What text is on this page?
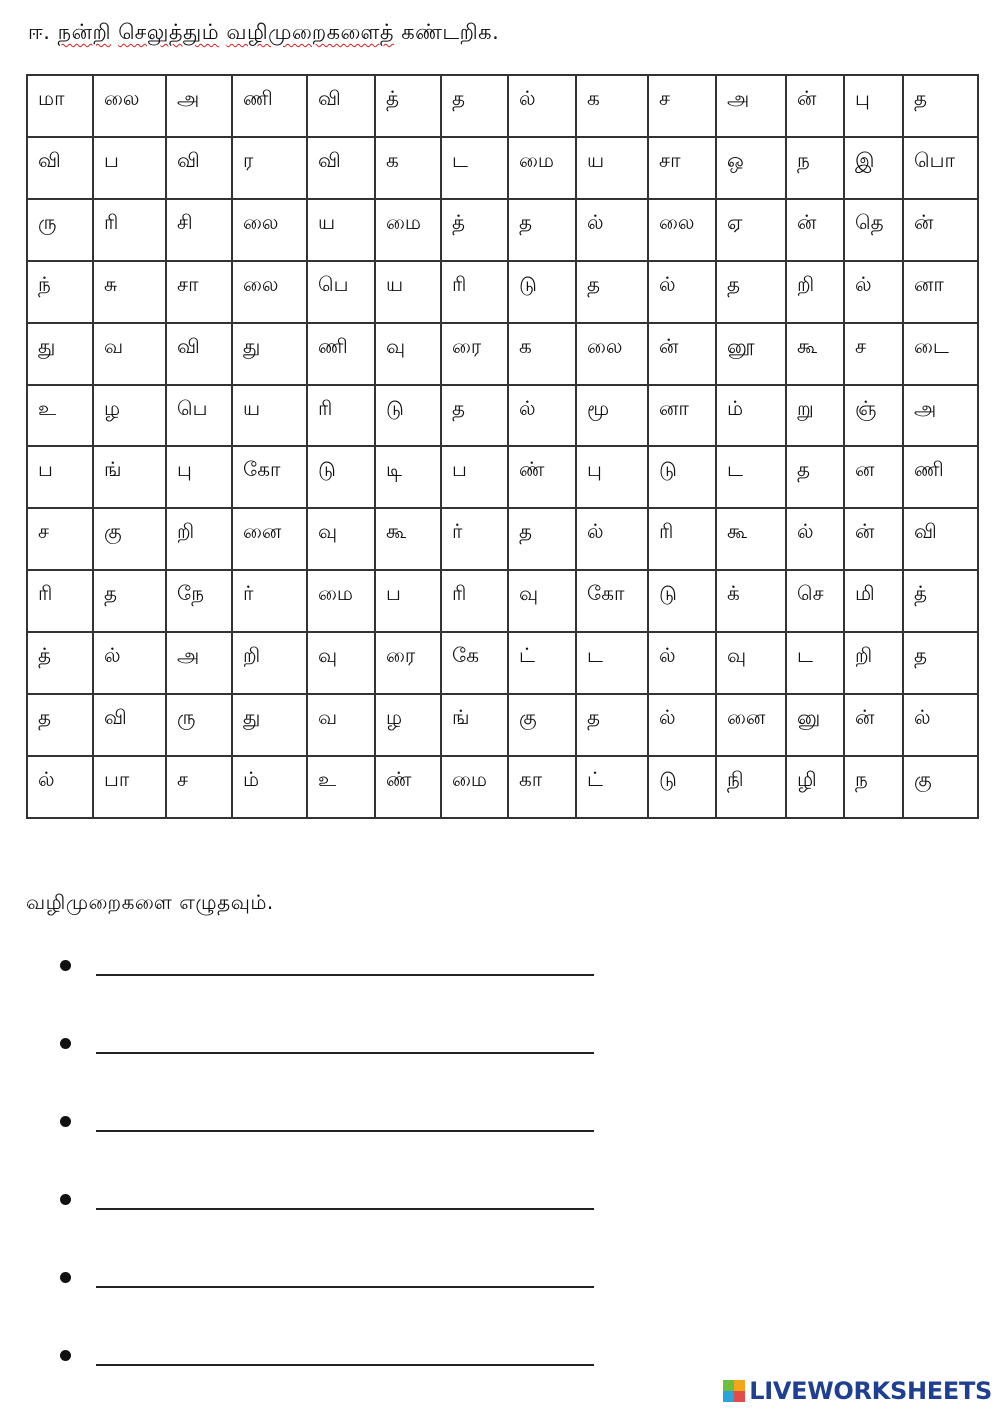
ஈ. நன்றி செலுத்தும் வழிமுறைகளைத் கண்டறிக.
மா	லை	அ	ணி	வி	த்	த	ல்	க	ச	அ	ன்	பு	த
வி	ப	வி	ர	வி	க	ட	மை	ய	சா	ஒ	ந	இ	பொ
ரு	ரி	சி	லை	ய	மை	த்	த	ல்	லை	ஏ	ன்	தெ	ன்
ந்	சு	சா	லை	பெ	ய	ரி	டு	த	ல்	த	றி	ல்	னா
து	வ	வி	து	ணி	வு	ரை	க	லை	ன்	னூ	கூ	ச	டை
உ	ழ	பெ	ய	ரி	டு	த	ல்	மூ	னா	ம்	று	ஞ்	அ
ப	ங்	பு	கோ	டு	டி	ப	ண்	பு	டு	ட	த	ன	ணி
ச	கு	றி	னை	வு	கூ	ர்	த	ல்	ரி	கூ	ல்	ன்	வி
ரி	த	நே	ர்	மை	ப	ரி	வு	கோ	டு	க்	செ	மி	த்
த்	ல்	அ	றி	வு	ரை	கே	ட்	ட	ல்	வு	ட	றி	த
த	வி	ரு	து	வ	ழ	ங்	கு	த	ல்	னை	னு	ன்	ல்
ல்	பா	ச	ம்	உ	ண்	மை	கா	ட்	டு	நி	ழி	ந	கு
வழிமுறைகளை எழுதவும்.
LIVEWORKSHEETS
